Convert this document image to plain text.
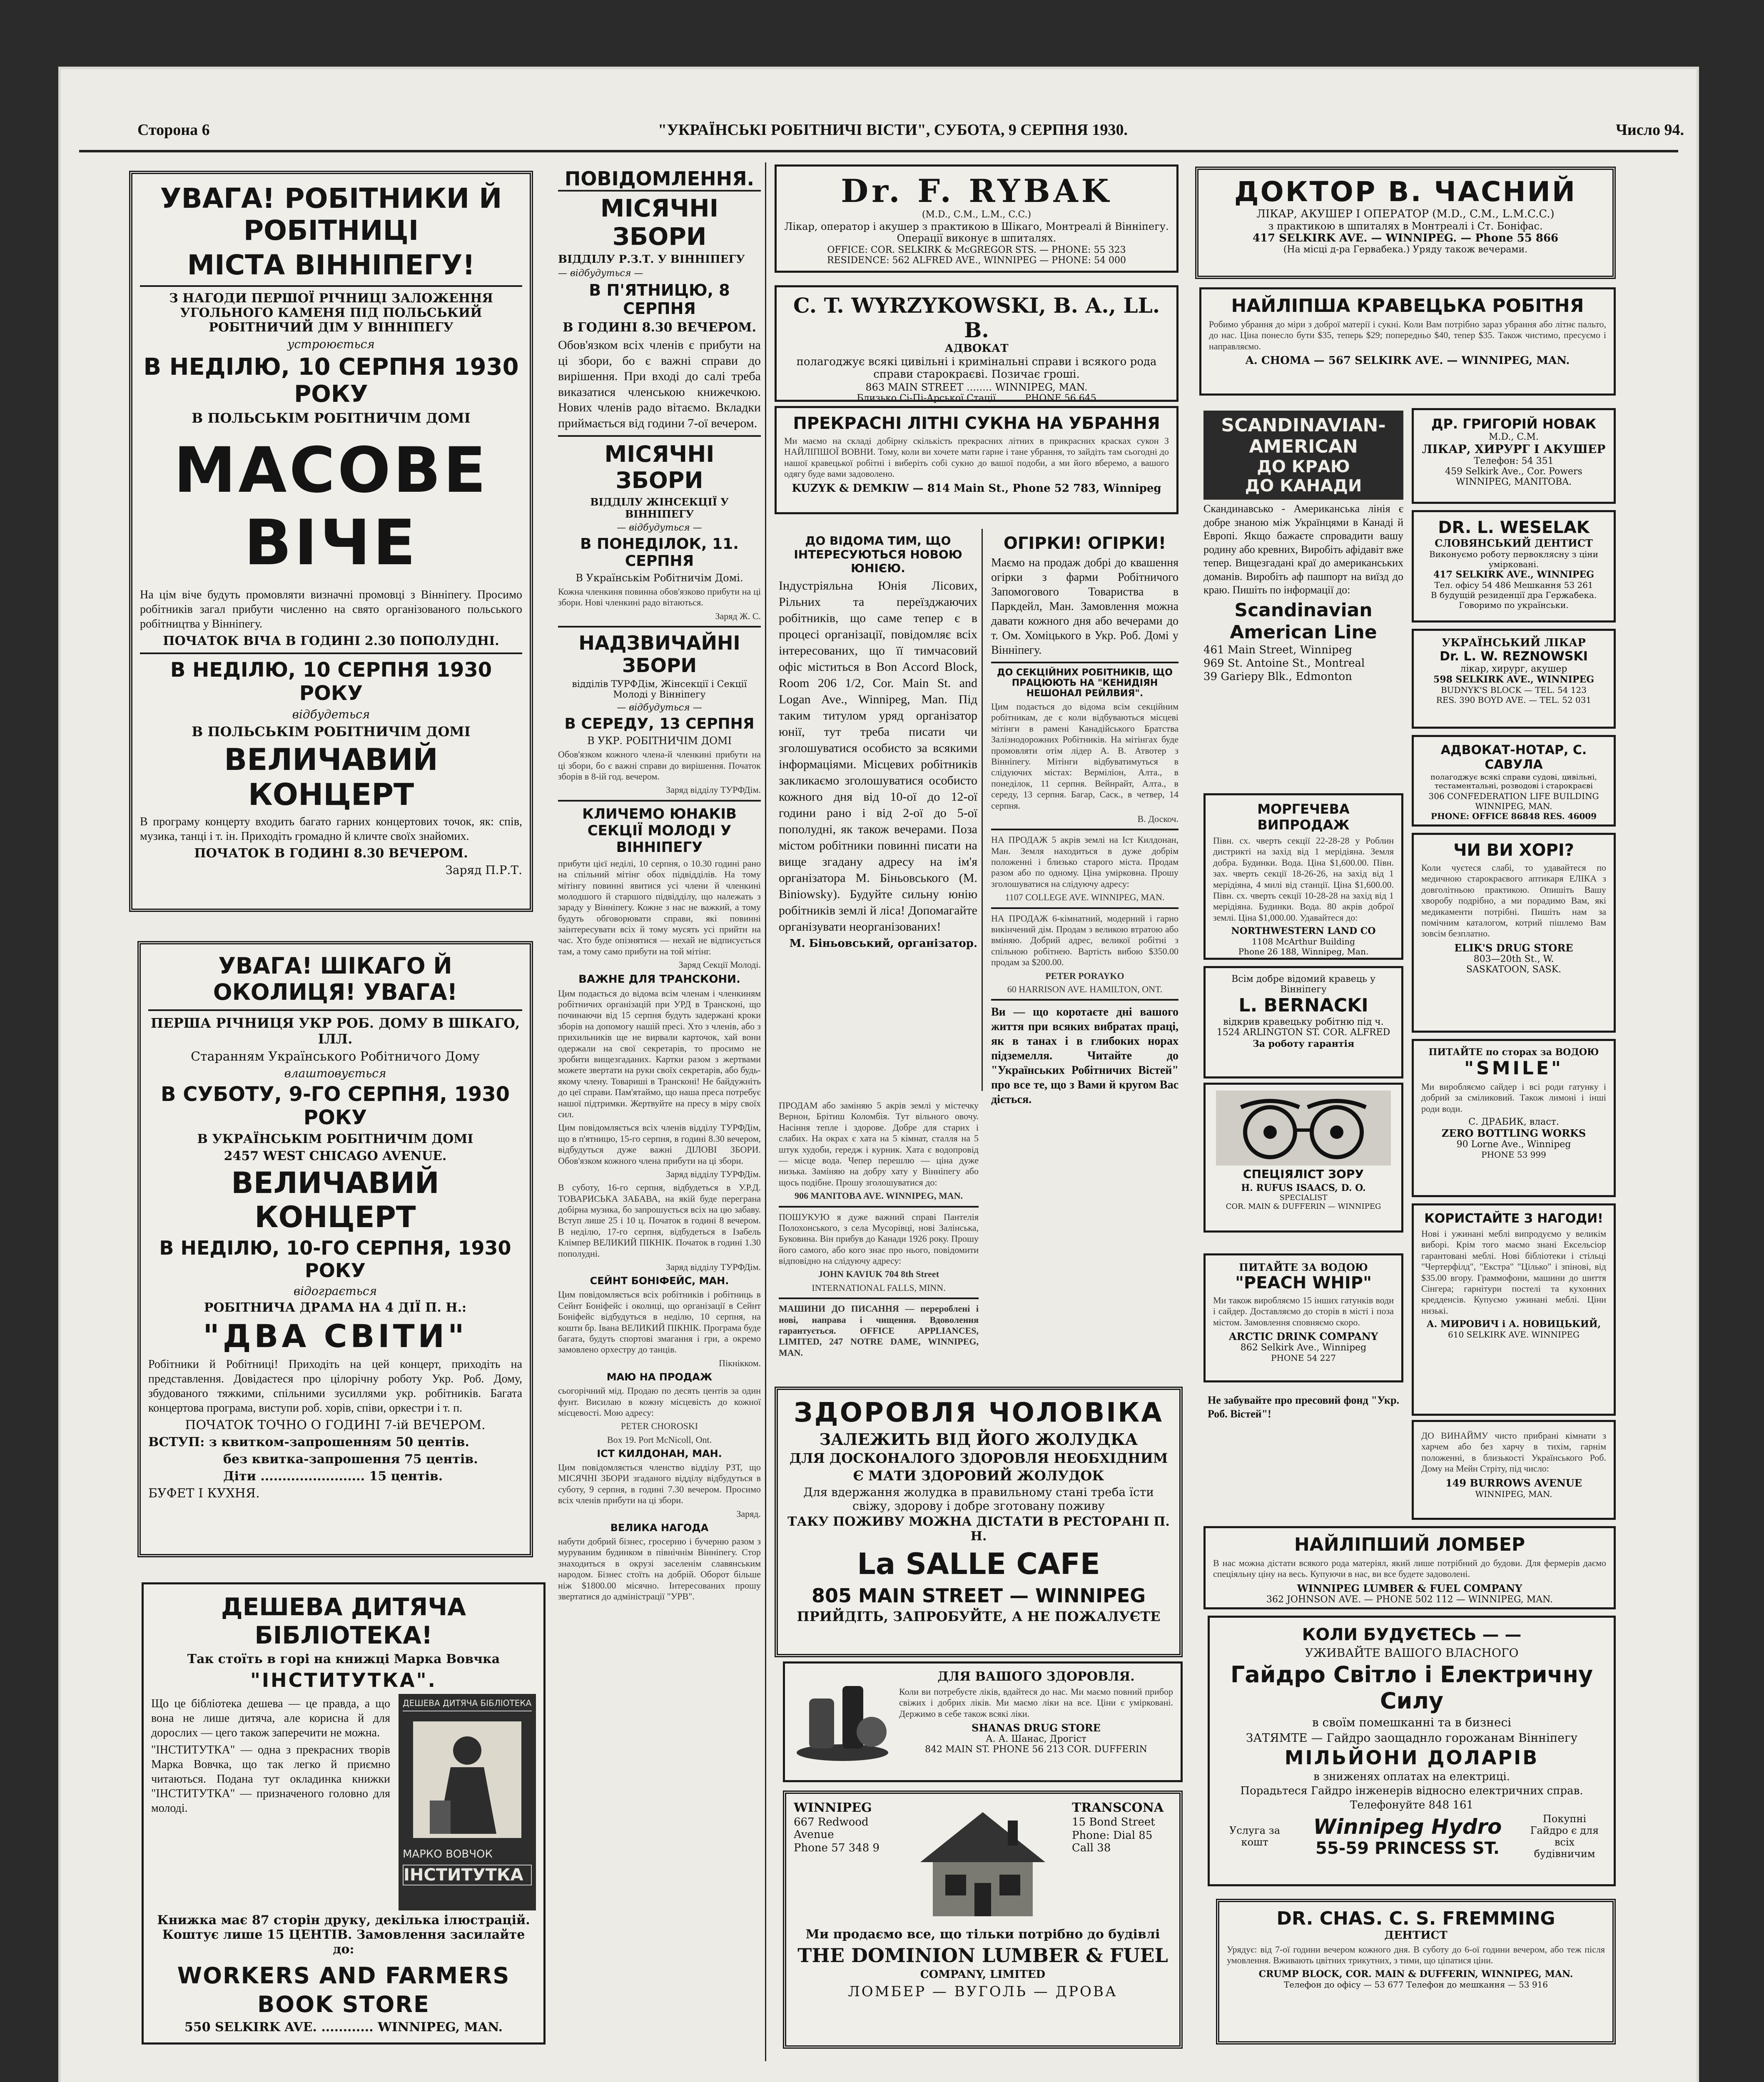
Сторона 6	"УКРАЇНСЬКІ РОБІТНИЧІ ВІСТИ", СУБОТА, 9 СЕРПНЯ 1930.	Число 94.
УВАГА! РОБІТНИКИ Й РОБІТНИЦІ
МІСТА ВІННІПЕГУ!
З НАГОДИ ПЕРШОЇ РІЧНИЦІ ЗАЛОЖЕННЯ УГОЛЬНОГО КАМЕНЯ ПІД ПОЛЬСЬКИЙ РОБІТНИЧИЙ ДІМ У ВІННІПЕГУ
устроюється
В НЕДІЛЮ, 10 СЕРПНЯ 1930 РОКУ
В ПОЛЬСЬКІМ РОБІТНИЧІМ ДОМІ
МАСОВЕ ВІЧЕ
На цім віче будуть промовляти визначні промовці з Вінніпегу. Просимо робітників загал прибути численно на свято організованого польського робітництва у Вінніпегу.
ПОЧАТОК ВІЧА В ГОДИНІ 2.30 ПОПОЛУДНІ.
В НЕДІЛЮ, 10 СЕРПНЯ 1930 РОКУ
відбудеться
В ПОЛЬСЬКІМ РОБІТНИЧІМ ДОМІ
ВЕЛИЧАВИЙ КОНЦЕРТ
В програму концерту входить багато гарних концертових точок, як: спів, музика, танці і т. ін. Приходіть громадно й кличте своїх знайомих.
ПОЧАТОК В ГОДИНІ 8.30 ВЕЧЕРОМ.
Заряд П.Р.Т.
УВАГА! ШІКАГО Й ОКОЛИЦЯ! УВАГА!
ПЕРША РІЧНИЦЯ УКР РОБ. ДОМУ В ШІКАГО, ІЛЛ.
Старанням Українського Робітничого Дому
влаштовується
В СУБОТУ, 9-ГО СЕРПНЯ, 1930 РОКУ
В УКРАЇНСЬКІМ РОБІТНИЧІМ ДОМІ
2457 WEST CHICAGO AVENUE.
ВЕЛИЧАВИЙ КОНЦЕРТ
В НЕДІЛЮ, 10-ГО СЕРПНЯ, 1930 РОКУ
відограється
РОБІТНИЧА ДРАМА НА 4 ДІЇ П. Н.:
"ДВА СВІТИ"
Робітники й Робітниці! Приходіть на цей концерт, приходіть на представлення. Довідаєтеся про цілорічну роботу Укр. Роб. Дому, збудованого тяжкими, спільними зусиллями укр. робітників. Багата концертова програма, виступи роб. хорів, співи, оркестри і т. п.
ПОЧАТОК ТОЧНО О ГОДИНІ 7-ій ВЕЧЕРОМ.
ВСТУП: з квитком-запрошенням 50 центів.
без квитка-запрошення 75 центів.
Діти ........................ 15 центів.
БУФЕТ І КУХНЯ.
ДЕШЕВА ДИТЯЧА БІБЛІОТЕКА!
Так стоїть в горі на книжці Марка Вовчка
"ІНСТИТУТКА".
Що це бібліотека дешева — це правда, а що вона не лише дитяча, але корисна й для дорослих — цего також заперечити не можна.
"ІНСТИТУТКА" — одна з прекрасних творів Марка Вовчка, що так легко й приємно читаються. Подана тут окладинка книжки "ІНСТИТУТКА" — призначеного головно для молоді.
ДЕШЕВА ДИТЯЧА БІБЛІОТЕКА
МАРКО ВОВЧОК
ІНСТИТУТКА
Книжка має 87 сторін друку, декілька ілюстрацій. Коштує лише 15 ЦЕНТІВ. Замовлення засилайте до:
WORKERS AND FARMERS
BOOK STORE
550 SELKIRK AVE. ............ WINNIPEG, MAN.
ПОВІДОМЛЕННЯ.
МІСЯЧНІ ЗБОРИ
ВІДДІЛУ Р.З.Т. У ВІННІПЕГУ
— відбудуться —
В П'ЯТНИЦЮ, 8 СЕРПНЯ
В ГОДИНІ 8.30 ВЕЧЕРОМ.
Обов'язком всіх членів є прибути на ці збори, бо є важні справи до вирішення. При вході до салі треба виказатися членською книжечкою. Нових членів радо вітаємо. Вкладки приймається від години 7-ої вечером.
МІСЯЧНІ ЗБОРИ
ВІДДІЛУ ЖІНСЕКЦІЇ У ВІННІПЕГУ
— відбудуться —
В ПОНЕДІЛОК, 11. СЕРПНЯ
В Українськім Робітничім Домі.
Кожна членкиня повинна обов'язково прибути на ці збори. Нові членкині радо вітаються.
Заряд Ж. С.
НАДЗВИЧАЙНІ ЗБОРИ
відділів ТУРФДім, Жінсекції і Секції Молоді у Вінніпегу
— відбудуться —
В СЕРЕДУ, 13 СЕРПНЯ
В УКР. РОБІТНИЧІМ ДОМІ
Обов'язком кожного члена-й членкині прибути на ці збори, бо є важні справи до вирішення. Початок зборів в 8-ій год. вечером.
Заряд відділу ТУРФДім.
КЛИЧЕМО ЮНАКІВ СЕКЦІЇ МОЛОДІ У ВІННІПЕГУ
прибути цієї неділі, 10 серпня, о 10.30 годині рано на спільний мітінг обох підвідділів. На тому мітінгу повинні явитися усі члени й членкині молодшого й старшого підвідділу, що належать з зараду у Вінніпегу. Кожне з нас не важкий, а тому будуть обговорювати справи, які повинні заінтересувати всіх й тому мусять усі прийти на час. Хто буде опізнятися — нехай не відписується там, а тому само прибути на той мітінг.
Заряд Секції Молоді.
ВАЖНЕ ДЛЯ ТРАНСКОНИ.
Цим подається до відома всім членам і членкиням робітничих організацій при УРД в Трансконі, що починаючи від 15 серпня будуть задержані кроки зборів на допомогу нашій пресі. Хто з членів, або з прихильників ще не вирвали карточок, хай вони одержали на свої секретарів, то просимо не зробити вищезгаданих. Картки разом з жертвами можете звертати на руки своїх секретарів, або будь-якому члену. Товариші в Трансконі! Не байдужніть до цеї справи. Пам'ятаймо, що наша преса потребує нашої підтримки. Жертвуйте на пресу в міру своїх сил.
Цим повідомляється всіх членів відділу ТУРФДім, що в п'ятницю, 15-го серпня, в годині 8.30 вечером, відбудуться дуже важні ДІЛОВІ ЗБОРИ. Обов'язком кожного члена прибути на ці збори.
Заряд відділу ТУРФДім.
В суботу, 16-го серпня, відбудеться в У.Р.Д. ТОВАРИСЬКА ЗАБАВА, на якій буде переграна добірна музика, бо запрошується всіх на цю забаву. Вступ лише 25 і 10 ц. Початок в годині 8 вечером. В неділю, 17-го серпня, відбудеться в Ізабель Клімпер ВЕЛИКИЙ ПІКНІК. Початок в годині 1.30 пополудні.
Заряд відділу ТУРФДім.
СЕЙНТ БОНІФЕЙС, МАН.
Цим повідомляється всіх робітників і робітниць в Сейнт Боніфейс і околиці, що організації в Сейнт Боніфейс відбудуться в неділю, 10 серпня, на кошти бр. Івана ВЕЛИКИЙ ПІКНІК. Програма буде багата, будуть спортові змагання і гри, а окремо замовлено орхестру до танців.
Пікнікком.
МАЮ НА ПРОДАЖ
сьогорічний мід. Продаю по десять центів за один фунт. Висилаю в кожну місцевість до кожної місцевості. Мою адресу:
PETER CHOROSKI
Box 19. Port McNicoll, Ont.
ІСТ КИЛДОНАН, МАН.
Цим повідомляється членство відділу РЗТ, що МІСЯЧНІ ЗБОРИ згаданого відділу відбудуться в суботу, 9 серпня, в годині 7.30 вечером. Просимо всіх членів прибути на ці збори.
Заряд.
ВЕЛИКА НАГОДА
набути добрий бізнес, гросерню і бучерню разом з муруваним будинком в північнім Вінніпегу. Стор знаходиться в окрузі заселенім славянським народом. Бізнес стоїть на добрій. Оборот більше ніж $1800.00 місячно. Інтересованих прошу звертатися до адміністрації "УРВ".
Dr. F. RYBAK
(M.D., C.M., L.M., C.C.)
Лікар, оператор і акушер з практикою в Шікаго, Монтреалі й Вінніпегу. Операції виконує в шпиталях.
OFFICE: COR. SELKIRK & McGREGOR STS. — PHONE: 55 323
RESIDENCE: 562 ALFRED AVE., WINNIPEG — PHONE: 54 000
C. T. WYRZYKOWSKI, B. A., LL. B.
АДВОКАТ
полагоджує всякі цивільні і кримінальні справи і всякого рода справи старокраєві. Позичає гроші.
863 MAIN STREET ........ WINNIPEG, MAN.
Близько Сі-Пі-Арської Стації ........ PHONE 56 645
ПРЕКРАСНІ ЛІТНІ СУКНА НА УБРАННЯ
Ми маємо на складі добірну скількість прекрасних літних в прикрасних краскаx сукон З НАЙЛІПШОЇ ВОВНИ. Тому, коли ви хочете мати гарне і тане убрання, то зайдіть там сьогодні до нашої кравецької робітні і виберіть собі сукно до вашої подоби, а ми його вберемо, а вашого одягу буде вами задоволено.
KUZYK & DEMKIW — 814 Main St., Phone 52 783, Winnipeg
ДО ВІДОМА ТИМ, ЩО ІНТЕРЕСУЮТЬСЯ НОВОЮ ЮНІЄЮ.
Індустріяльна Юнія Лісових, Рільних та переїзджаючих робітників, що саме тепер є в процесі організації, повідомляє всіх інтересованих, що її тимчасовий офіс міститься в Bon Accord Block, Room 206 1/2, Cor. Main St. and Logan Ave., Winnipeg, Man. Під таким титулом уряд організатор юнії, тут треба писати чи зголошуватися особисто за всякими інформаціями. Місцевих робітників закликаємо зголошуватися особисто кожного дня від 10-ої до 12-ої години рано і від 2-ої до 5-ої пополудні, як також вечерами. Поза містом робітники повинні писати на вище згадану адресу на ім'я організатора М. Біньовського (M. Biniowsky). Будуйте сильну юнію робітників землі й ліса! Допомагайте організувати неорганізованих!
М. Біньовський, організатор.
ОГІРКИ! ОГІРКИ!
Маємо на продаж добрі до квашення огірки з фарми Робітничого Запомогового Товариства в Паркдейл, Ман. Замовлення можна давати кожного дня або вечерами до т. Ом. Хоміцького в Укр. Роб. Домі у Вінніпегу.
ДО СЕКЦІЙНИХ РОБІТНИКІВ, ЩО ПРАЦЮЮТЬ НА "КЕНИДІЯН НЕШОНАЛ РЕЙЛВИЯ".
Цим подається до відома всім секційним робітникам, де є коли відбуваються місцеві мітінги в рамені Канадійського Братства Залізнодорожних Робітників. На мітінгах буде промовляти отім лідер А. В. Атвотер з Вінніпегу. Мітінги відбуватимуться в слідуючих містах: Верміліон, Алта., в понеділок, 11 серпня. Вейнрайт, Алта., в середу, 13 серпня. Багар, Саск., в четвер, 14 серпня.
В. Доскоч.
НА ПРОДАЖ 5 акрів землі на Іст Килдонан, Ман. Земля находиться в дуже добрім положенні і близько старого міста. Продам разом або по одному. Ціна умірковна. Прошу зголошуватися на слідуючу адресу:
1107 COLLEGE AVE. WINNIPEG, MAN.
НА ПРОДАЖ 6-кімнатний, модерний і гарно викінчений дім. Продам з великою втратою або вміняю. Добрий адрес, великої робітні з спільною робітнею. Вартість вибою $350.00 продам за $200.00.
PETER PORAYKO
60 HARRISON AVE. HAMILTON, ONT.
Ви — що коротаєте дні вашого життя при всяких вибратах праці, як в танах і в глибоких норах підземелля. Читайте до "Українських Робітничих Вістей" про все те, що з Вами й кругом Вас діється.
ПРОДАМ або заміняю 5 акрів землі у містечку Вернон, Брітиш Коломбія. Тут вільного овочу. Насіння тепле і здорове. Добре для старих і слабих. На окрах є хата на 5 кімнат, сталля на 5 штук худоби, гередж і курник. Хата є водопровід — місце вода. Чепер перешлю — ціна дуже низька. Заміняю на добру хату у Вінніпегу або щось подібне. Прошу зголошуватися до:
906 MANITOBA AVE. WINNIPEG, MAN.
ПОШУКУЮ я дуже важний справі Пантелія Полохонського, з села Мусорівці, нові Залінська, Буковина. Він прибув до Канади 1926 року. Прошу його самого, або кого знає про нього, повідомити відповідно на слідуючу адресу:
JOHN KAVIUK 704 8th Street
INTERNATIONAL FALLS, MINN.
МАШИНИ ДО ПИСАННЯ — перероблені і нові, направа і чищення. Вдоволення гарантується. OFFICE APPLIANCES, LIMITED, 247 NOTRE DAME, WINNIPEG, MAN.
ЗДОРОВЛЯ ЧОЛОВІКА
ЗАЛЕЖИТЬ ВІД ЙОГО ЖОЛУДКА
ДЛЯ ДОСКОНАЛОГО ЗДОРОВЛЯ НЕОБХІДНИМ
Є МАТИ ЗДОРОВИЙ ЖОЛУДОК
Для вдержання жолудка в правильному стані треба їсти свіжу, здорову і добре зготовану поживу
ТАКУ ПОЖИВУ МОЖНА ДІСТАТИ В РЕСТОРАНІ П. Н.
La SALLE CAFE
805 MAIN STREET — WINNIPEG
ПРИЙДІТЬ, ЗАПРОБУЙТЕ, А НЕ ПОЖАЛУЄТЕ
ДЛЯ ВАШОГО ЗДОРОВЛЯ.
Коли ви потребуєте ліків, вдайтеся до нас. Ми маємо повний прибор свіжих і добрих ліків. Ми маємо ліки на все. Ціни є умірковані. Держимо в себе також всякі ліки.
SHANAS DRUG STORE
А. А. Шанас, Дрогіст
842 MAIN ST. PHONE 56 213 COR. DUFFERIN
WINNIPEG
667 Redwood Avenue
Phone 57 348 9
TRANSCONA
15 Bond Street
Phone: Dial 85 Call 38
Ми продаємо все, що тільки потрібно до будівлі
THE DOMINION LUMBER & FUEL
COMPANY, LIMITED
ЛОМБЕР — ВУГОЛЬ — ДРОВА
ДОКТОР В. ЧАСНИЙ
ЛІКАР, АКУШЕР І ОПЕРАТОР (M.D., C.M., L.M.C.C.)
з практикою в шпиталях в Монтреалі і Ст. Боніфас.
417 SELKIRK AVE. — WINNIPEG. — Phone 55 866
(На місці д-ра Гервабека.) Уряду також вечерами.
НАЙЛІПША КРАВЕЦЬКА РОБІТНЯ
Робимо убрання до міри з доброї матерії і сукні. Коли Вам потрібно зараз убрання або літнє пальто, до нас. Ціна понесло бути $35, теперь $29; попередньо $40, тепер $35. Також чистимо, пресуємо і направляємо.
A. CHOMA — 567 SELKIRK AVE. — WINNIPEG, MAN.
SCANDINAVIAN-
AMERICAN
ДО КРАЮ
ДО КАНАДИ
Скандинавсько - Американська лінія є добре знаною між Українцями в Канаді й Европі. Якщо бажаєте спровадити вашу родину або кревних, Виробіть афідавіт вже тепер. Вищезгадані краї до американських доманів. Виробіть аф пашпорт на виїзд до краю. Пишіть по інформації до:
Scandinavian
American Line
461 Main Street, Winnipeg
969 St. Antoine St., Montreal
39 Gariepy Blk., Edmonton
ДР. ГРИГОРІЙ НОВАК
M.D., C.M.
ЛІКАР, ХИРУРГ І АКУШЕР
Телефон: 54 351
459 Selkirk Ave., Cor. Powers
WINNIPEG, MANITOBA.
DR. L. WESELAK
СЛОВЯНСЬКИЙ ДЕНТИСТ
Виконуємо роботу первоклясну з ціни умірковані.
417 SELKIRK AVE., WINNIPEG
Тел. офісу 54 486 Мешкання 53 261
В будущій резиденції дра Гержабека. Говоримо по українськи.
УКРАЇНСЬКИЙ ЛІКАР
Dr. L. W. REZNOWSKI
лікар, хирург, акушер
598 SELKIRK AVE., WINNIPEG
BUDNYK'S BLOCK — TEL. 54 123
RES. 390 BOYD AVE. — TEL. 52 031
АДВОКАТ-НОТАР, С. САВУЛА
полагоджує всякі справи судові, цивільні, тестаментальні, розводові і старокраєві
306 CONFEDERATION LIFE BUILDING
WINNIPEG, MAN.
PHONE: OFFICE 86848 RES. 46009
МОРГЕЧЕВА ВИПРОДАЖ
Півн. сх. чверть секції 22-28-28 у Роблин дистрикті на захід від 1 мерідіяна. Земля добра. Будинки. Вода. Ціна $1,600.00. Півн. зах. чверть секції 18-26-26, на захід від 1 мерідіяна, 4 милі від станції. Ціна $1,600.00. Півн. сх. чверть секції 10-28-28 на захід від 1 мерідіяна. Будинки. Вода. 80 акрів доброї землі. Ціна $1,000.00. Удавайтеся до:
NORTHWESTERN LAND CO
1108 McArthur Building
Phone 26 188, Winnipeg, Man.
ЧИ ВИ ХОРІ?
Коли чуєтеся слабі, то удавайтеся по медичною старокраєвого аптикаря ЕЛІКА з довголітньою практикою. Опишіть Вашу хворобу подрібно, а ми порадимо Вам, які медикаменти потрібні. Пишіть нам за помічним каталогом, котрий пішлемо Вам зовсім безплатно.
ELIK'S DRUG STORE
803—20th St., W.
SASKATOON, SASK.
Всім добре відомий кравець у Вінніпегу
L. BERNACKI
відкрив кравецьку робітню під ч. 1524 ARLINGTON ST. COR. ALFRED
За роботу гарантія
ПИТАЙТЕ по сторах за ВОДОЮ
"SMILE"
Ми виробляємо сайдер і всі роди гатунку і добрий за сміликовий. Також лимоні і інші роди води.
С. ДРАБИК, власт.
ZERO BOTTLING WORKS
90 Lorne Ave., Winnipeg
PHONE 53 999
СПЕЦІЯЛІСТ ЗОРУ
H. RUFUS ISAACS, D. O.
SPECIALIST
COR. MAIN & DUFFERIN — WINNIPEG
КОРИСТАЙТЕ З НАГОДИ!
Нові і ужинані меблі випродуємо у великім виборі. Крім того маємо знані Ексельсіор гарантовані меблі. Нові бібліотеки і стільці "Чертерфілд", "Екстра" "Цілько" і зпінові, від $35.00 вгору. Граммофони, машини до шиття Сінгера; гарнітури постелі та кухонних кредденсів. Купуємо ужинані меблі. Ціни низькі.
А. МИРОВИЧ і А. НОВИЦЬКИЙ,
610 SELKIRK AVE. WINNIPEG
ПИТАЙТЕ ЗА ВОДОЮ
"PEACH WHIP"
Ми також виробляємо 15 інших гатунків води і сайдер. Доставляємо до сторів в місті і поза містом. Замовлення сповняємо скоро.
ARCTIC DRINK COMPANY
862 Selkirk Ave., Winnipeg
PHONE 54 227
Не забувайте про пресовий фонд "Укр. Роб. Вістей"!
ДО ВИНАЙМУ чисто прибрані кімнати з харчем або без харчу в тихім, гарнім положенні, в близькості Українського Роб. Дому на Мейн Стріту, під число:
149 BURROWS AVENUE
WINNIPEG, MAN.
НАЙЛІПШИЙ ЛОМБЕР
В нас можна дістати всякого рода матеріял, який лише потрібний до будови. Для фермерів даємо спеціяльну ціну на весь. Купуючи в нас, ви все будете задоволені.
WINNIPEG LUMBER & FUEL COMPANY
362 JOHNSON AVE. — PHONE 502 112 — WINNIPEG, MAN.
КОЛИ БУДУЄТЕСЬ — —
УЖИВАЙТЕ ВАШОГО ВЛАСНОГО
Гайдро Світло і Електричну Силу
в своїм помешканні та в бизнесі
ЗАТЯМТЕ — Гайдро заощаднло горожанам Вінніпегу
МІЛЬЙОНИ ДОЛАРІВ
в зниженях оплатах на електриці.
Порадьтеся Гайдро інженерів відносно електричних справ.
Телефонуйте 848 161
Услуга за кошт
Winnipeg Hydro
55-59 PRINCESS ST.
Покупні Гайдро є для всіх будівничим
DR. CHAS. C. S. FREMMING
ДЕНТИСТ
Урядує: від 7-ої години вечером кожного дня. В суботу до 6-ої години вечером, або теж після умовлення. Вживають цвітних трикутних, з тими, що ціпатися ціни.
CRUMP BLOCK, COR. MAIN & DUFFERIN, WINNIPEG, MAN.
Телефон до офісу — 53 677 Телефон до мешкання — 53 916
